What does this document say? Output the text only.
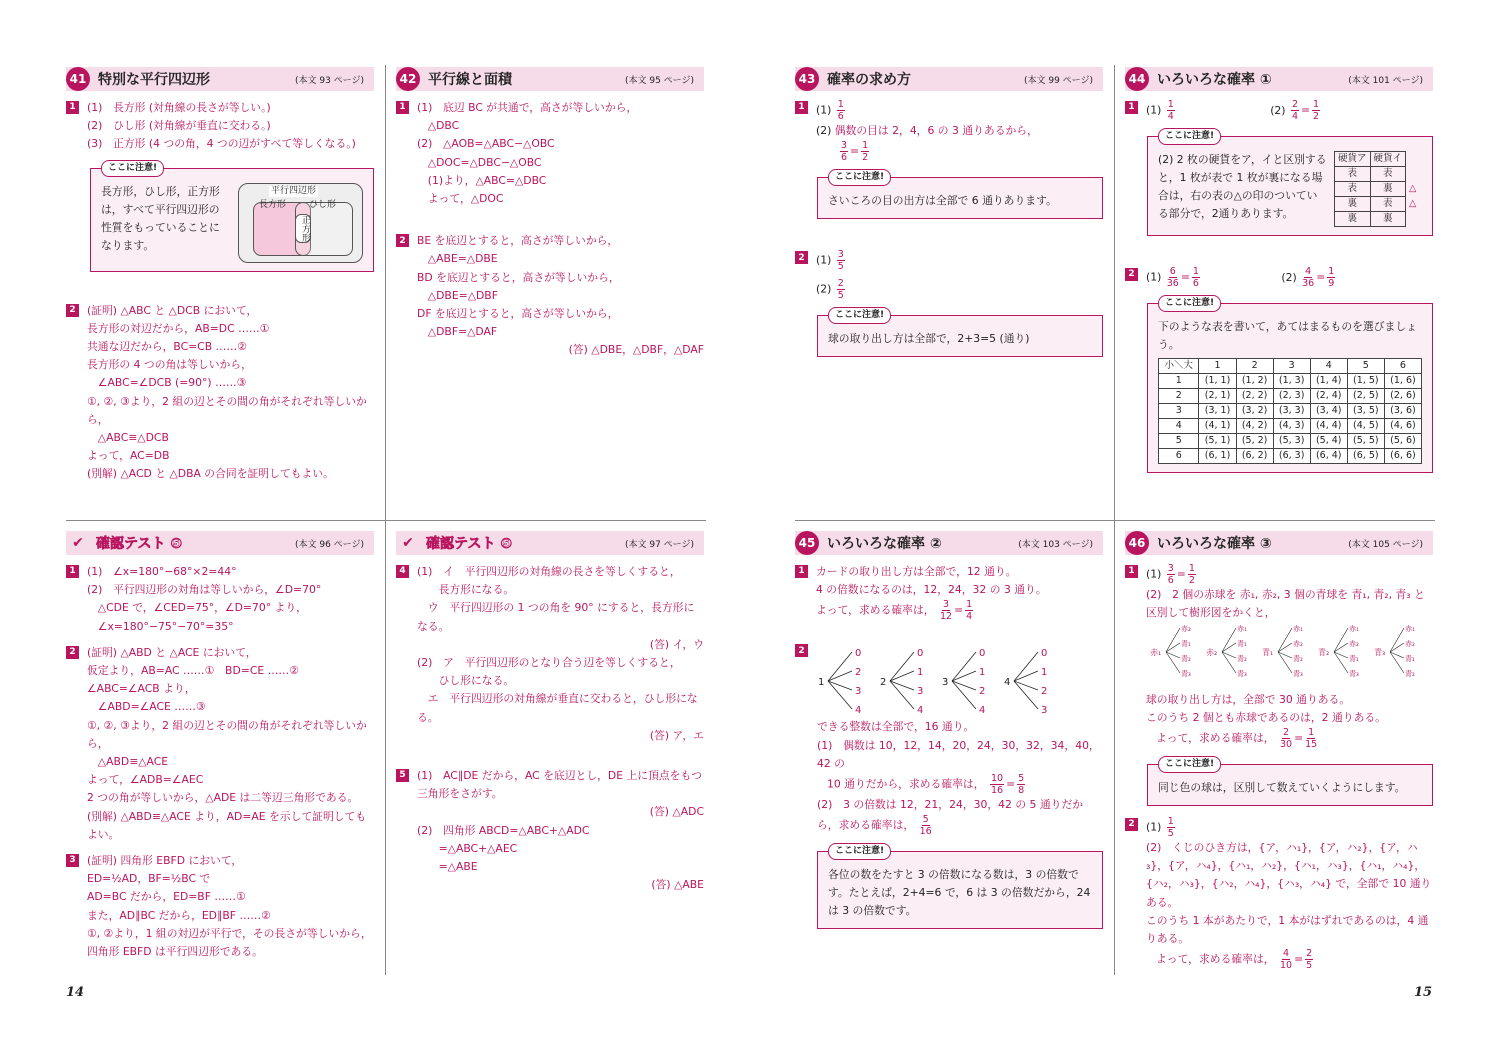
41 特別な平行四辺形	(本文 93 ページ)
1	(1)　長方形 (対角線の長さが等しい。)
(2)　ひし形 (対角線が垂直に交わる。)
(3)　正方形 (4 つの角，4 つの辺がすべて等しくなる。)
ここに注意!
長方形，ひし形，正方形は，すべて平行四辺形の性質をもっていることになります。
平行四辺形
長方形	ひし形
正方形
2	(証明) △ABC と △DCB において，
長方形の対辺だから，AB=DC ……①
共通な辺だから，BC=CB ……②
長方形の 4 つの角は等しいから，
　∠ABC=∠DCB (=90°) ……③
①, ②, ③より，2 組の辺とその間の角がそれぞれ等しいから，
　△ABC≡△DCB
よって，AC=DB
(別解) △ACD と △DBA の合同を証明してもよい。
42 平行線と面積	(本文 95 ページ)
1	(1)　底辺 BC が共通で，高さが等しいから，
　△DBC
(2)　△AOB=△ABC−△OBC
　△DOC=△DBC−△OBC
　(1)より，△ABC=△DBC
　よって，△DOC
2	BE を底辺とすると，高さが等しいから，
　△ABE=△DBE
BD を底辺とすると，高さが等しいから，
　△DBE=△DBF
DF を底辺とすると，高さが等しいから，
　△DBF=△DAF
(答) △DBE，△DBF，△DAF
43 確率の求め方	(本文 99 ページ)
1	$(1) \frac{1}{6}$
(2) 偶数の目は 2，4，6 の 3 通りあるから，
$\frac{3}{6} = \frac{1}{2}$
ここに注意!
さいころの目の出方は全部で 6 通りあります。
2	$(1) \frac{3}{5}$
$(2) \frac{2}{5}$
ここに注意!
球の取り出し方は全部で，2+3=5 (通り)
44 いろいろな確率 ①	(本文 101 ページ)
1	$(1) \frac{1}{4}$	$(2) \frac{2}{4} = \frac{1}{2}$
ここに注意!
(2) 2 枚の硬貨をア，イと区別すると，1 枚が表で 1 枚が裏になる場合は，右の表の△の印のついている部分で，2通りあります。
硬貨ア	硬貨イ	
表	表	
表	裏	△
裏	表	△
裏	裏	
2	$(1) \frac{6}{36} = \frac{1}{6}$	$(2) \frac{4}{36} = \frac{1}{9}$
ここに注意!
下のような表を書いて，あてはまるものを選びましょう。
小＼大	1	2	3	4	5	6
1	(1, 1)	(1, 2)	(1, 3)	(1, 4)	(1, 5)	(1, 6)
2	(2, 1)	(2, 2)	(2, 3)	(2, 4)	(2, 5)	(2, 6)
3	(3, 1)	(3, 2)	(3, 3)	(3, 4)	(3, 5)	(3, 6)
4	(4, 1)	(4, 2)	(4, 3)	(4, 4)	(4, 5)	(4, 6)
5	(5, 1)	(5, 2)	(5, 3)	(5, 4)	(5, 5)	(5, 6)
6	(6, 1)	(6, 2)	(6, 3)	(6, 4)	(6, 5)	(6, 6)
✔ 確認テスト ⑤	(本文 96 ページ)
1	(1)　∠x=180°−68°×2=44°
(2)　平行四辺形の対角は等しいから，∠D=70°
　△CDE で，∠CED=75°，∠D=70° より，
　∠x=180°−75°−70°=35°
2	(証明) △ABD と △ACE において，
仮定より，AB=AC ……①　BD=CE ……②
∠ABC=∠ACB より，
　∠ABD=∠ACE ……③
①, ②, ③より，2 組の辺とその間の角がそれぞれ等しいから，
　△ABD≡△ACE
よって，∠ADB=∠AEC
2 つの角が等しいから，△ADE は二等辺三角形である。
(別解) △ABD≡△ACE より，AD=AE を示して証明してもよい。
3	(証明) 四角形 EBFD において，
ED=½AD，BF=½BC で
AD=BC だから，ED=BF ……①
また，AD∥BC だから，ED∥BF ……②
①, ②より，1 組の対辺が平行で，その長さが等しいから，四角形 EBFD は平行四辺形である。
✔ 確認テスト ⑤	(本文 97 ページ)
4	(1)　イ　平行四辺形の対角線の長さを等しくすると，
　　長方形になる。
　ウ　平行四辺形の 1 つの角を 90° にすると，長方形になる。
(答) イ，ウ
(2)　ア　平行四辺形のとなり合う辺を等しくすると，
　　ひし形になる。
　エ　平行四辺形の対角線が垂直に交わると，ひし形になる。
(答) ア，エ
5	(1)　AC∥DE だから，AC を底辺とし，DE 上に頂点をもつ三角形をさがす。
(答) △ADC
(2)　四角形 ABCD=△ABC+△ADC
　　=△ABC+△AEC
　　=△ABE
(答) △ABE
45 いろいろな確率 ②	(本文 103 ページ)
1	カードの取り出し方は全部で，12 通り。
4 の倍数になるのは，12，24，32 の 3 通り。
よって，求める確率は， $\frac{3}{12} = \frac{1}{4}$
2
1
0
2
3
4
2
0
1
3
4
3
0
1
2
4
4
0
1
2
3
できる整数は全部で，16 通り。
(1)　偶数は 10，12，14，20，24，30，32，34，40，42 の
10 通りだから，求める確率は， $\frac{10}{16} = \frac{5}{8}$
(2)　3 の倍数は 12，21，24，30，42 の 5 通りだから，求める確率は， $\frac{5}{16}$
ここに注意!
各位の数をたすと 3 の倍数になる数は，3 の倍数です。たとえば，2+4=6 で，6 は 3 の倍数だから，24 は 3 の倍数です。
46 いろいろな確率 ③	(本文 105 ページ)
1	$(1) \frac{3}{6} = \frac{1}{2}$
(2)　2 個の赤球を 赤₁, 赤₂, 3 個の青球を 青₁, 青₂, 青₃ と区別して樹形図をかくと，
赤₁
赤₂
青₁
青₂
青₃
赤₂
赤₁
青₁
青₂
青₃
青₁
赤₁
赤₂
青₂
青₃
青₂
赤₁
赤₂
青₁
青₃
青₃
赤₁
赤₂
青₁
青₂
球の取り出し方は，全部で 30 通りある。
このうち 2 個とも赤球であるのは，2 通りある。
よって，求める確率は， $\frac{2}{30} = \frac{1}{15}$
ここに注意!
同じ色の球は，区別して数えていくようにします。
2	$(1) \frac{1}{5}$
(2)　くじのひき方は，{ア，ハ₁}，{ア，ハ₂}，{ア，ハ₃}，{ア，ハ₄}，{ハ₁，ハ₂}，{ハ₁，ハ₃}，{ハ₁，ハ₄}，{ハ₂，ハ₃}，{ハ₂，ハ₄}，{ハ₃，ハ₄} で，全部で 10 通りある。
このうち 1 本があたりで，1 本がはずれであるのは，4 通りある。
よって，求める確率は， $\frac{4}{10} = \frac{2}{5}$
14	15
